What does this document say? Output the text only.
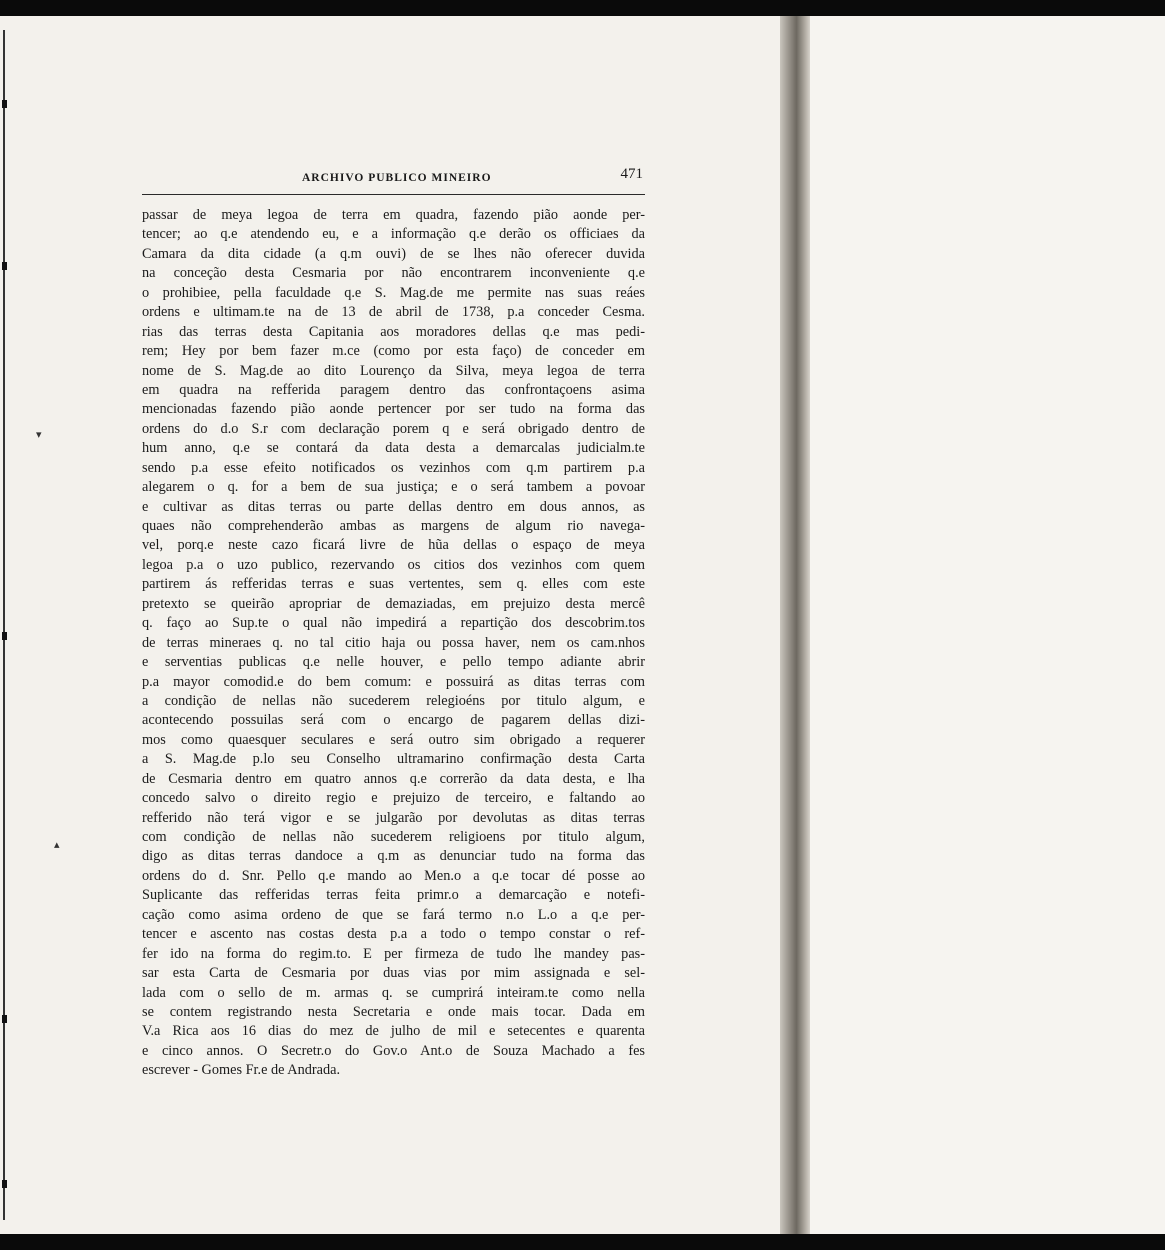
▾
▴
ARCHIVO PUBLICO MINEIRO	471
passar de meya legoa de terra em quadra, fazendo pião aonde per-
tencer; ao q.e atendendo eu, e a informação q.e derão os officiaes da
Camara da dita cidade (a q.m ouvi) de se lhes não oferecer duvida
na conceção desta Cesmaria por não encontrarem inconveniente q.e
o prohibiee, pella faculdade q.e S. Mag.de me permite nas suas reáes
ordens e ultimam.te na de 13 de abril de 1738, p.a conceder Cesma.
rias das terras desta Capitania aos moradores dellas q.e mas pedi-
rem; Hey por bem fazer m.ce (como por esta faço) de conceder em
nome de S. Mag.de ao dito Lourenço da Silva, meya legoa de terra
em quadra na refferida paragem dentro das confrontaçoens asima
mencionadas fazendo pião aonde pertencer por ser tudo na forma das
ordens do d.o S.r com declaração porem q e será obrigado dentro de
hum anno, q.e se contará da data desta a demarcalas judicialm.te
sendo p.a esse efeito notificados os vezinhos com q.m partirem p.a
alegarem o q. for a bem de sua justiça; e o será tambem a povoar
e cultivar as ditas terras ou parte dellas dentro em dous annos, as
quaes não comprehenderão ambas as margens de algum rio navega-
vel, porq.e neste cazo ficará livre de hũa dellas o espaço de meya
legoa p.a o uzo publico, rezervando os citios dos vezinhos com quem
partirem ás refferidas terras e suas vertentes, sem q. elles com este
pretexto se queirão apropriar de demaziadas, em prejuizo desta mercê
q. faço ao Sup.te o qual não impedirá a repartição dos descobrim.tos
de terras mineraes q. no tal citio haja ou possa haver, nem os cam.nhos
e serventias publicas q.e nelle houver, e pello tempo adiante abrir
p.a mayor comodid.e do bem comum: e possuirá as ditas terras com
a condição de nellas não sucederem relegioéns por titulo algum, e
acontecendo possuilas será com o encargo de pagarem dellas dizi-
mos como quaesquer seculares e será outro sim obrigado a requerer
a S. Mag.de p.lo seu Conselho ultramarino confirmação desta Carta
de Cesmaria dentro em quatro annos q.e correrão da data desta, e lha
concedo salvo o direito regio e prejuizo de terceiro, e faltando ao
refferido não terá vigor e se julgarão por devolutas as ditas terras
com condição de nellas não sucederem religioens por titulo algum,
digo as ditas terras dandoce a q.m as denunciar tudo na forma das
ordens do d. Snr. Pello q.e mando ao Men.o a q.e tocar dé posse ao
Suplicante das refferidas terras feita primr.o a demarcação e notefi-
cação como asima ordeno de que se fará termo n.o L.o a q.e per-
tencer e ascento nas costas desta p.a a todo o tempo constar o ref-
fer ido na forma do regim.to. E per firmeza de tudo lhe mandey pas-
sar esta Carta de Cesmaria por duas vias por mim assignada e sel-
lada com o sello de m. armas q. se cumprirá inteiram.te como nella
se contem registrando nesta Secretaria e onde mais tocar. Dada em
V.a Rica aos 16 dias do mez de julho de mil e setecentes e quarenta
e cinco annos. O Secretr.o do Gov.o Ant.o de Souza Machado a fes
escrever - Gomes Fr.e de Andrada.
